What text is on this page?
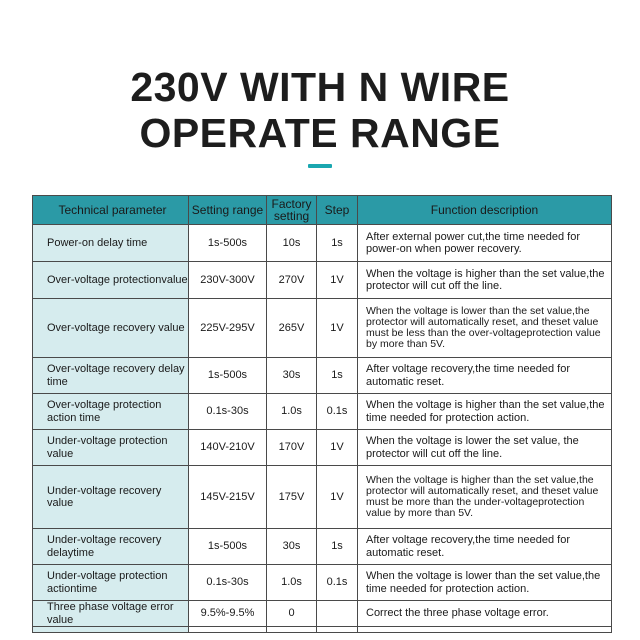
230V WITH N WIRE
OPERATE RANGE
Technical parameter	Setting range	Factory setting	Step	Function description
Power-on delay time	1s-500s	10s	1s	After external power cut,the time needed for power-on when power recovery.
Over-voltage protectionvalue	230V-300V	270V	1V	When the voltage is higher than the set value,the protector will cut off the line.
Over-voltage recovery value	225V-295V	265V	1V	When the voltage is lower than the set value,the protector will automatically reset, and theset value must be less than the over-voltageprotection value by more than 5V.
Over-voltage recovery delay time	1s-500s	30s	1s	After voltage recovery,the time needed for automatic reset.
Over-voltage protection action time	0.1s-30s	1.0s	0.1s	When the voltage is higher than the set value,the time needed for protection action.
Under-voltage protection value	140V-210V	170V	1V	When the voltage is lower the set value, the protector will cut off the line.
Under-voltage recovery value	145V-215V	175V	1V	When the voltage is higher than the set value,the protector will automatically reset, and theset value must be more than the under-voltageprotection value by more than 5V.
Under-voltage recovery delaytime	1s-500s	30s	1s	After voltage recovery,the time needed for automatic reset.
Under-voltage protection actiontime	0.1s-30s	1.0s	0.1s	When the voltage is lower than the set value,the time needed for protection action.
Three phase voltage error value	9.5%-9.5%	0		Correct the three phase voltage error.
